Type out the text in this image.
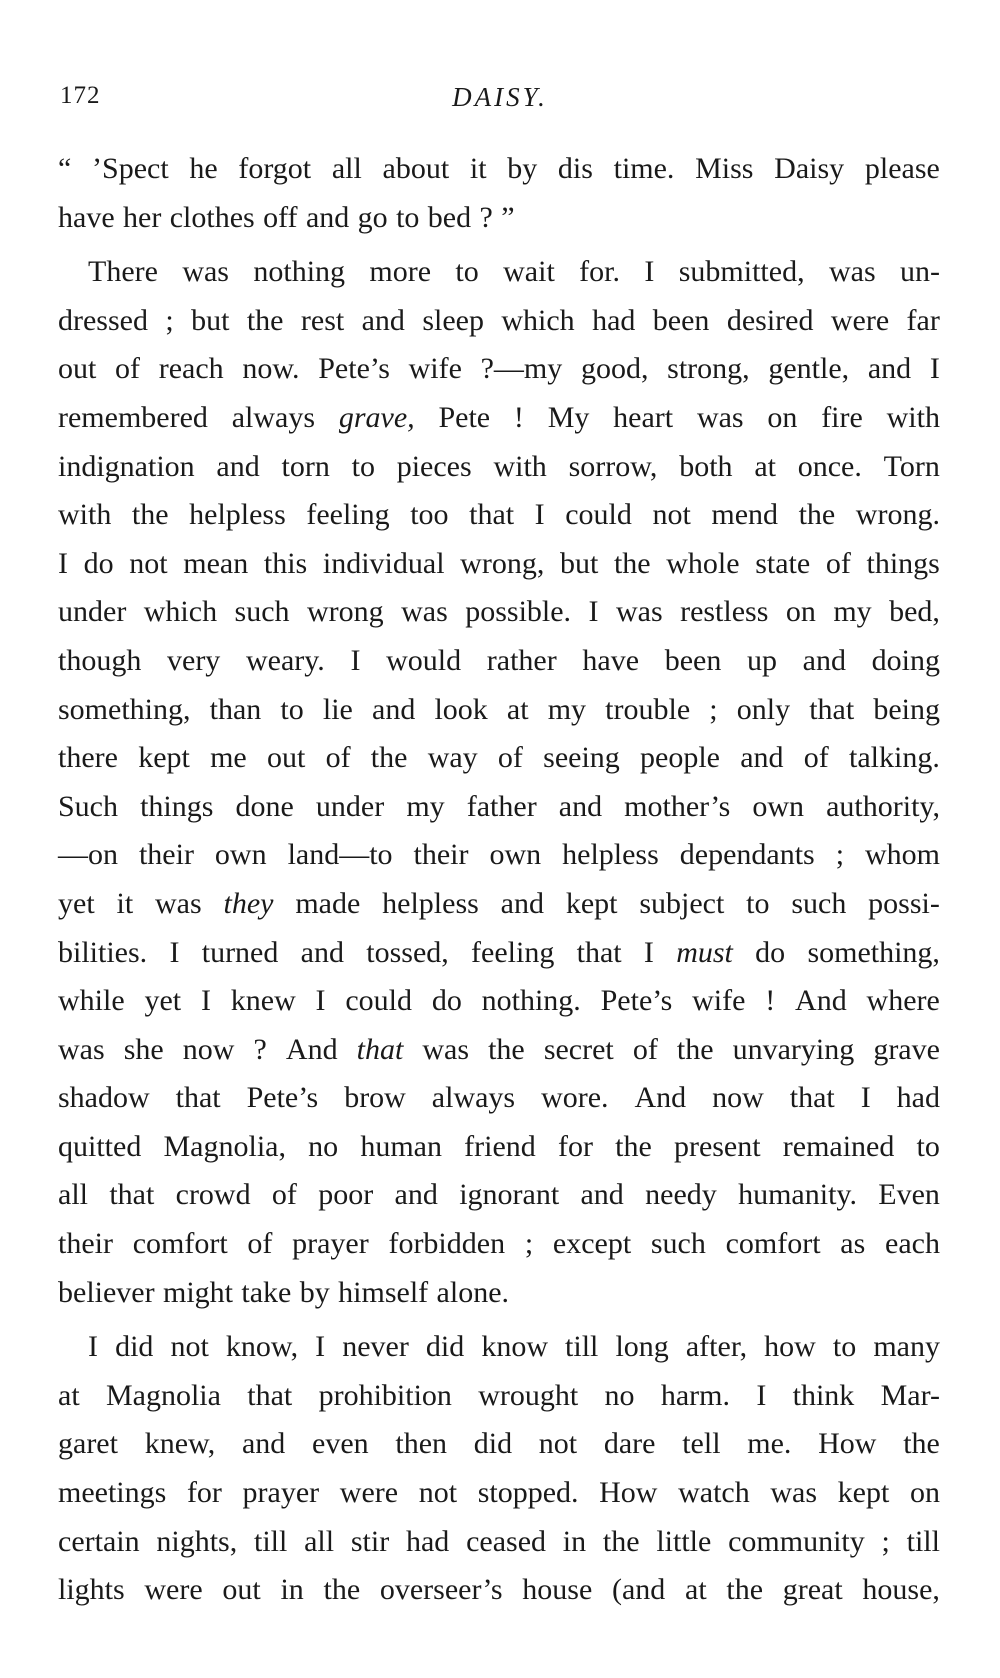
172	DAISY.
“ ’Spect he forgot all about it by dis time. Miss Daisy please
have her clothes off and go to bed ? ”
There was nothing more to wait for. I submitted, was un-
dressed ; but the rest and sleep which had been desired were far
out of reach now. Pete’s wife ?—my good, strong, gentle, and I
remembered always grave, Pete ! My heart was on fire with
indignation and torn to pieces with sorrow, both at once. Torn
with the helpless feeling too that I could not mend the wrong.
I do not mean this individual wrong, but the whole state of things
under which such wrong was possible. I was restless on my bed,
though very weary. I would rather have been up and doing
something, than to lie and look at my trouble ; only that being
there kept me out of the way of seeing people and of talking.
Such things done under my father and mother’s own authority,
—on their own land—to their own helpless dependants ; whom
yet it was they made helpless and kept subject to such possi-
bilities. I turned and tossed, feeling that I must do something,
while yet I knew I could do nothing. Pete’s wife ! And where
was she now ? And that was the secret of the unvarying grave
shadow that Pete’s brow always wore. And now that I had
quitted Magnolia, no human friend for the present remained to
all that crowd of poor and ignorant and needy humanity. Even
their comfort of prayer forbidden ; except such comfort as each
believer might take by himself alone.
I did not know, I never did know till long after, how to many
at Magnolia that prohibition wrought no harm. I think Mar-
garet knew, and even then did not dare tell me. How the
meetings for prayer were not stopped. How watch was kept on
certain nights, till all stir had ceased in the little community ; till
lights were out in the overseer’s house (and at the great house,
